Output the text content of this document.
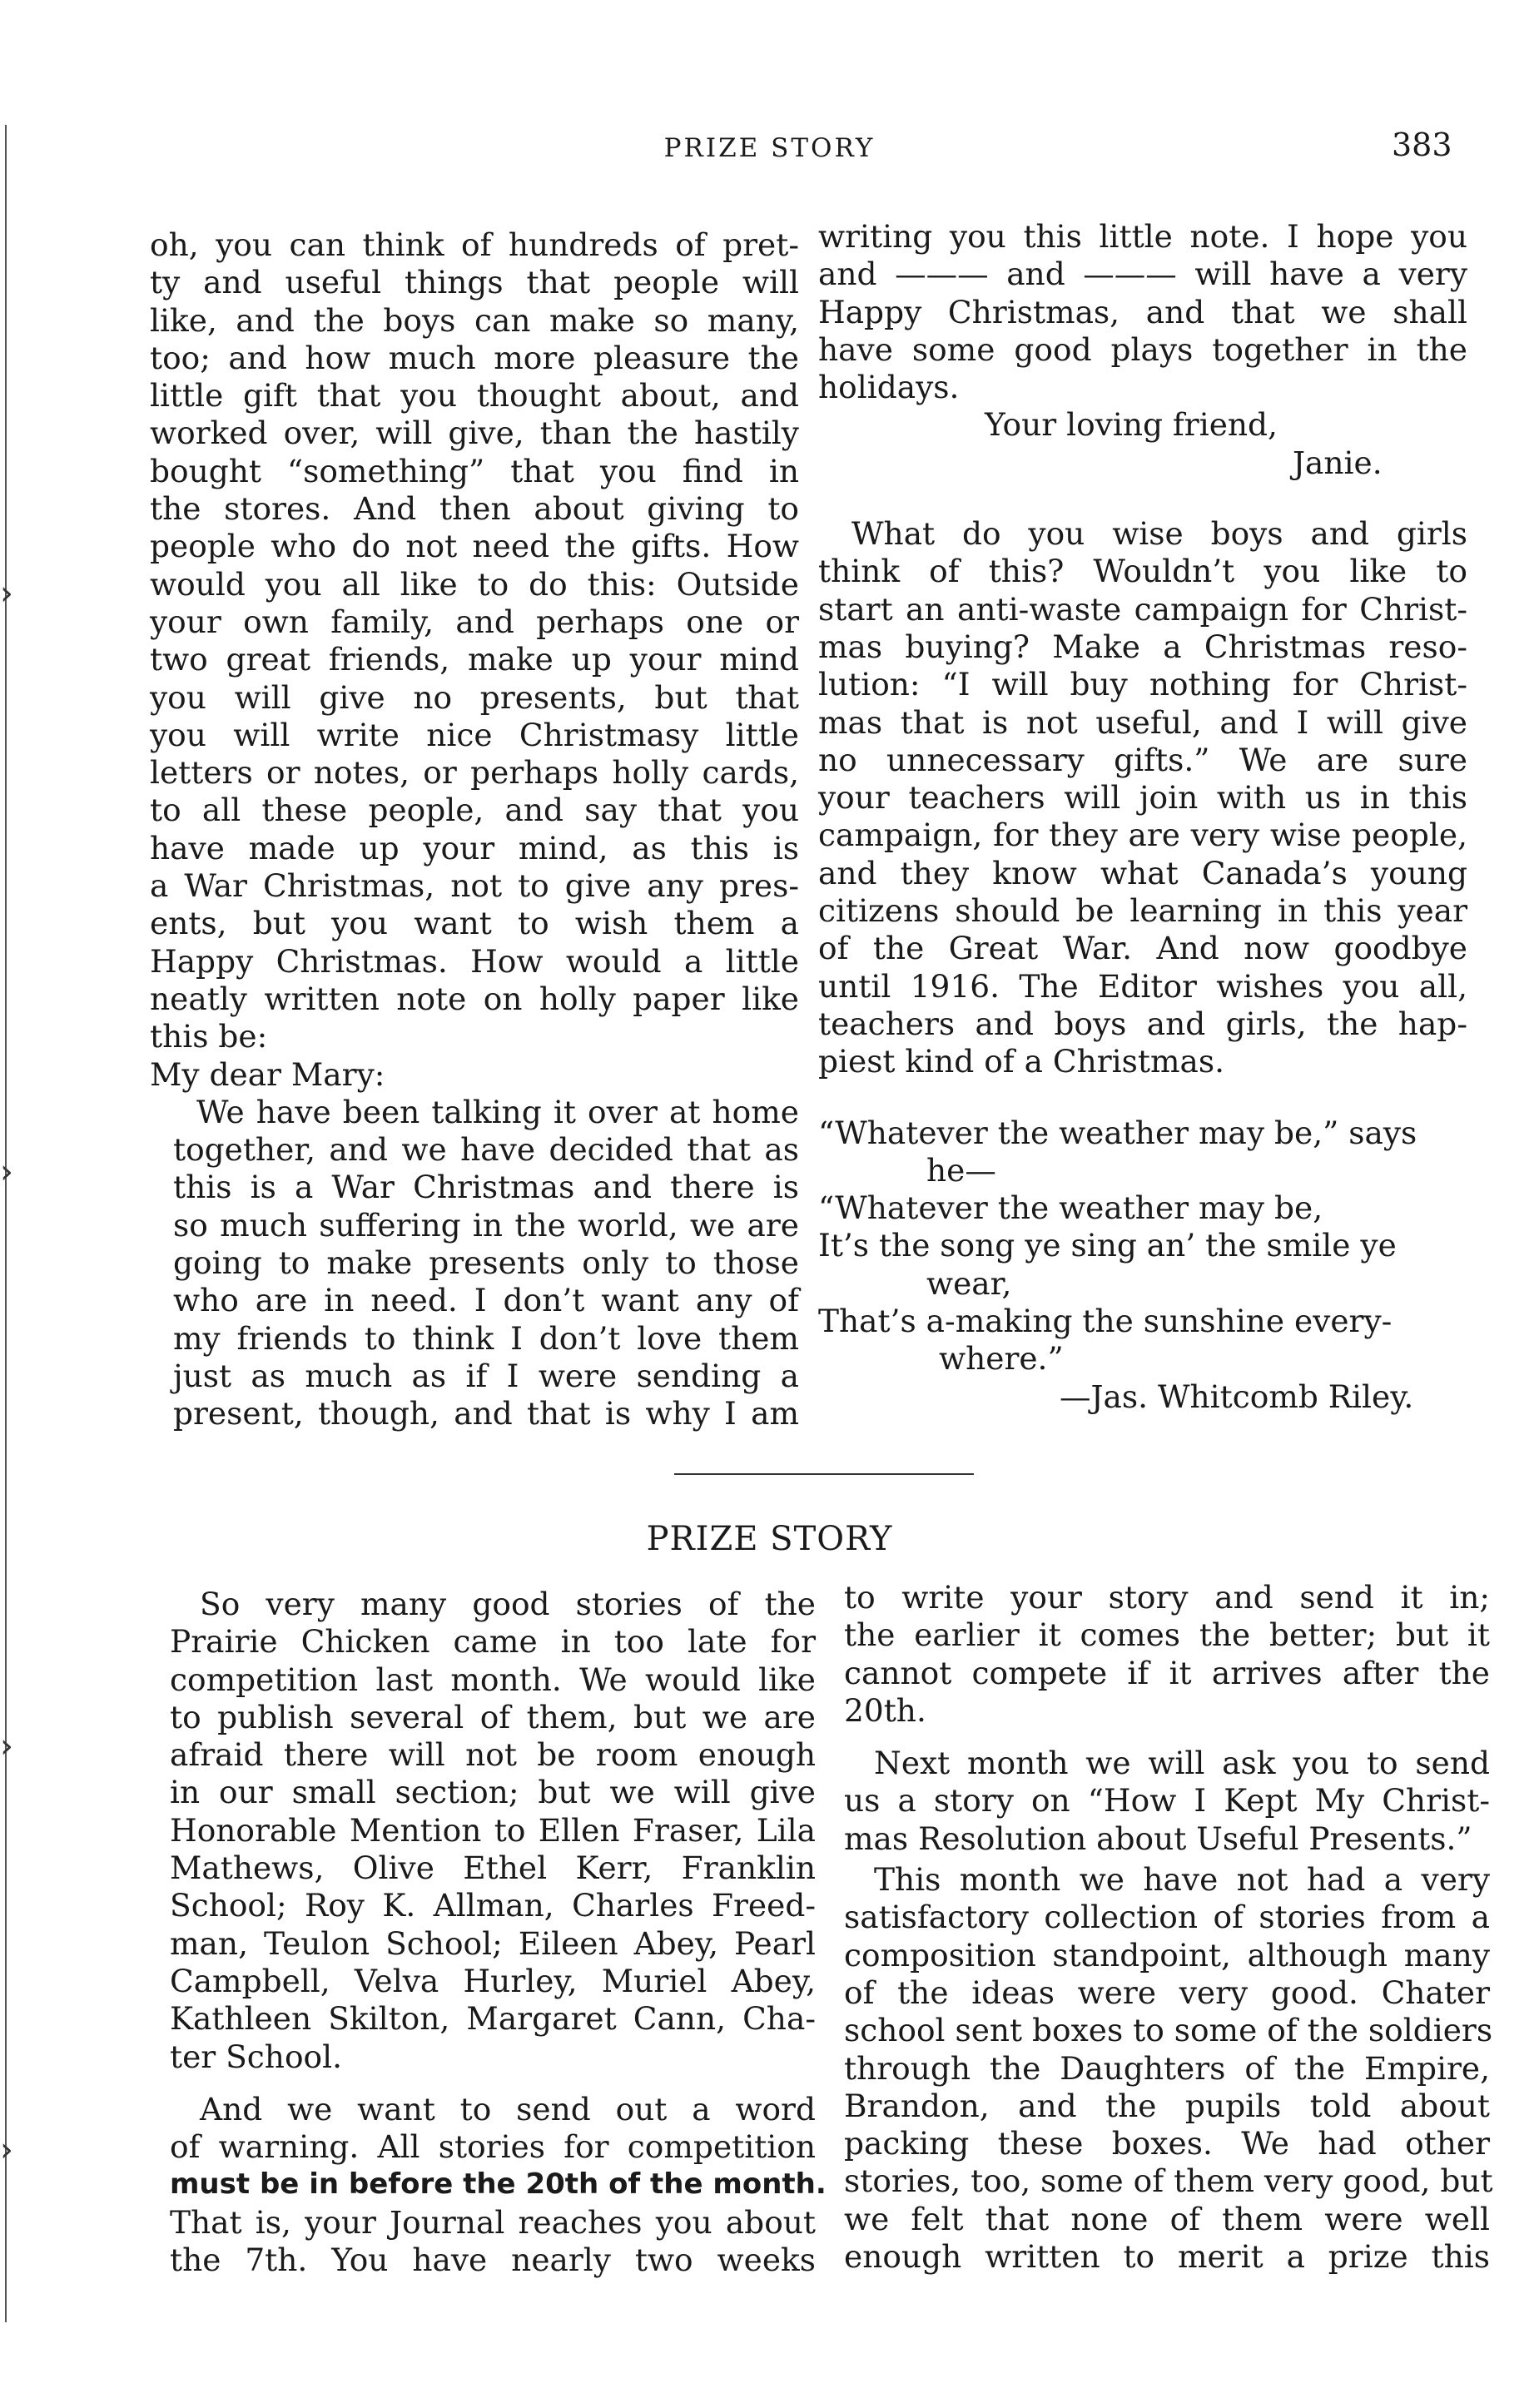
›
›
›
›
PRIZE STORY	383

oh, you can think of hundreds of pret-
ty and useful things that people will
like, and the boys can make so many,
too; and how much more pleasure the
little gift that you thought about, and
worked over, will give, than the hastily
bought “something” that you find in
the stores. And then about giving to
people who do not need the gifts. How
would you all like to do this: Outside
your own family, and perhaps one or
two great friends, make up your mind
you will give no presents, but that
you will write nice Christmasy little
letters or notes, or perhaps holly cards,
to all these people, and say that you
have made up your mind, as this is
a War Christmas, not to give any pres-
ents, but you want to wish them a
Happy Christmas. How would a little
neatly written note on holly paper like
this be:

My dear Mary:

We have been talking it over at home
together, and we have decided that as
this is a War Christmas and there is
so much suffering in the world, we are
going to make presents only to those
who are in need. I don’t want any of
my friends to think I don’t love them
just as much as if I were sending a
present, though, and that is why I am

writing you this little note. I hope you
and ——— and ——— will have a very
Happy Christmas, and that we shall
have some good plays together in the
holidays.

Your loving friend,

Janie.

What do you wise boys and girls
think of this? Wouldn’t you like to
start an anti-waste campaign for Christ-
mas buying? Make a Christmas reso-
lution: “I will buy nothing for Christ-
mas that is not useful, and I will give
no unnecessary gifts.” We are sure
your teachers will join with us in this
campaign, for they are very wise people,
and they know what Canada’s young
citizens should be learning in this year
of the Great War. And now goodbye
until 1916. The Editor wishes you all,
teachers and boys and girls, the hap-
piest kind of a Christmas.

“Whatever the weather may be,” says
he—
“Whatever the weather may be,
It’s the song ye sing an’ the smile ye
wear,
That’s a-making the sunshine every-
where.”
—Jas. Whitcomb Riley.
PRIZE STORY

So very many good stories of the
Prairie Chicken came in too late for
competition last month. We would like
to publish several of them, but we are
afraid there will not be room enough
in our small section; but we will give
Honorable Mention to Ellen Fraser, Lila
Mathews, Olive Ethel Kerr, Franklin
School; Roy K. Allman, Charles Freed-
man, Teulon School; Eileen Abey, Pearl
Campbell, Velva Hurley, Muriel Abey,
Kathleen Skilton, Margaret Cann, Cha-
ter School.

And we want to send out a word
of warning. All stories for competition
must be in before the 20th of the month.
That is, your Journal reaches you about
the 7th. You have nearly two weeks

to write your story and send it in;
the earlier it comes the better; but it
cannot compete if it arrives after the
20th.

Next month we will ask you to send
us a story on “How I Kept My Christ-
mas Resolution about Useful Presents.”

This month we have not had a very
satisfactory collection of stories from a
composition standpoint, although many
of the ideas were very good. Chater
school sent boxes to some of the soldiers
through the Daughters of the Empire,
Brandon, and the pupils told about
packing these boxes. We had other
stories, too, some of them very good, but
we felt that none of them were well
enough written to merit a prize this
